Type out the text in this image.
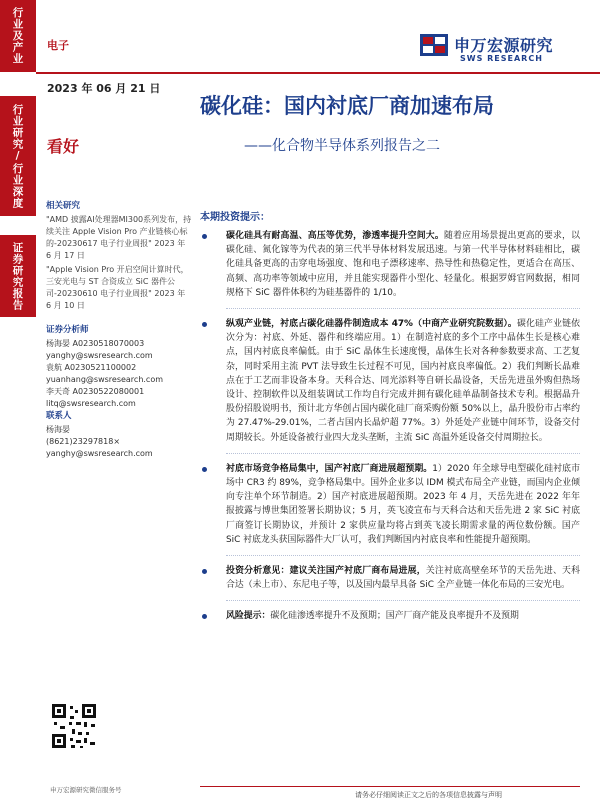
行业及产业
行业研究/行业深度
证券研究报告
电子
2023 年 06 月 21 日
看好
申万宏源研究
SWS RESEARCH
碳化硅：国内衬底厂商加速布局
——化合物半导体系列报告之二
相关研究
"AMD 披露AI处理器MI300系列发布，持续关注 Apple Vision Pro 产业链核心标的-20230617 电子行业周报" 2023 年 6 月 17 日
"Apple Vision Pro 开启空间计算时代，三安光电与 ST 合资成立 SiC 器件公司-20230610 电子行业周报" 2023 年 6 月 10 日
证券分析师
杨海晏 A0230518070003
yanghy@swsresearch.com
袁航 A0230521100002
yuanhang@swsresearch.com
李天奇 A0230522080001
litq@swsresearch.com
联系人
杨海晏
(8621)23297818×
yanghy@swsresearch.com
本期投资提示：
碳化硅具有耐高温、高压等优势，渗透率提升空间大。随着应用场景提出更高的要求，以碳化硅、氮化镓等为代表的第三代半导体材料发展迅速。与第一代半导体材料硅相比，碳化硅具备更高的击穿电场强度、饱和电子漂移速率、热导性和热稳定性，更适合在高压、高频、高功率等领域中应用，并且能实现器件小型化、轻量化。根据罗姆官网数据，相同规格下 SiC 器件体积约为硅基器件的 1/10。
纵观产业链，衬底占碳化硅器件制造成本 47%（中商产业研究院数据）。碳化硅产业链依次分为：衬底、外延、器件和终端应用。1）在制造衬底的多个工序中晶体生长是核心难点，国内衬底良率偏低。由于 SiC 晶体生长速度慢，晶体生长对各种参数要求高、工艺复杂，同时采用主流 PVT 法导致生长过程不可见，国内衬底良率偏低。2）我们判断长晶难点在于工艺而非设备本身。天科合达、同光添料等自研长晶设备，天岳先进虽外购但热场设计、控制软件以及组装调试工作均自行完成并拥有碳化硅单晶制备技术专利。根据晶升股份招股说明书，预计北方华创占国内碳化硅厂商采购份额 50%以上，晶升股份市占率约为 27.47%-29.01%，二者占国内长晶炉超 77%。3）外延处产业链中间环节，设备交付周期较长。外延设备被行业四大龙头垄断，主流 SiC 高温外延设备交付周期拉长。
衬底市场竞争格局集中，国产衬底厂商进展超预期。1）2020 年全球导电型碳化硅衬底市场中 CR3 约 89%，竞争格局集中。国外企业多以 IDM 模式布局全产业链，而国内企业倾向专注单个环节制造。2）国产衬底进展超预期。2023 年 4 月，天岳先进在 2022 年年报披露与博世集团签署长期协议；5 月，英飞凌宣布与天科合达和天岳先进 2 家 SiC 衬底厂商签订长期协议，并预计 2 家供应量均将占到英飞凌长期需求量的两位数份额。国产 SiC 衬底龙头获国际器件大厂认可，我们判断国内衬底良率和性能提升超预期。
投资分析意见：建议关注国产衬底厂商布局进展，关注衬底高壁垒环节的天岳先进、天科合达（未上市）、东尼电子等，以及国内最早具备 SiC 全产业链一体化布局的三安光电。
风险提示：碳化硅渗透率提升不及预期；国产厂商产能及良率提升不及预期
申万宏源研究微信服务号
请务必仔细阅读正文之后的各项信息披露与声明
